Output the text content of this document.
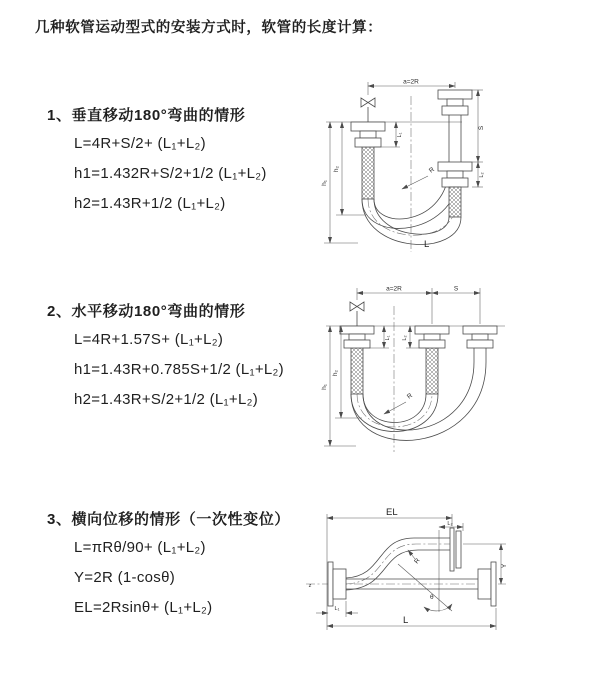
几种软管运动型式的安装方式时，软管的长度计算：
1、垂直移动180°弯曲的情形
L=4R+S/2+ (L₁+L₂)
h1=1.432R+S/2+1/2 (L₁+L₂)
h2=1.43R+1/2 (L₁+L₂)
2、水平移动180°弯曲的情形
L=4R+1.57S+ (L₁+L₂)
h1=1.43R+0.785S+1/2 (L₁+L₂)
h2=1.43R+S/2+1/2 (L₁+L₂)
3、横向位移的情形（一次性变位）
L=πRθ/90+ (L₁+L₂)
Y=2R (1-cosθ)
EL=2Rsinθ+ (L₁+L₂)
a=2R
S
L₂
L₁
h₁
h₂	R
L
a=2R	S
h₁
h₂
L₁ L₂
R
EL
L₂
Y
L
L₁
θ
R
z
